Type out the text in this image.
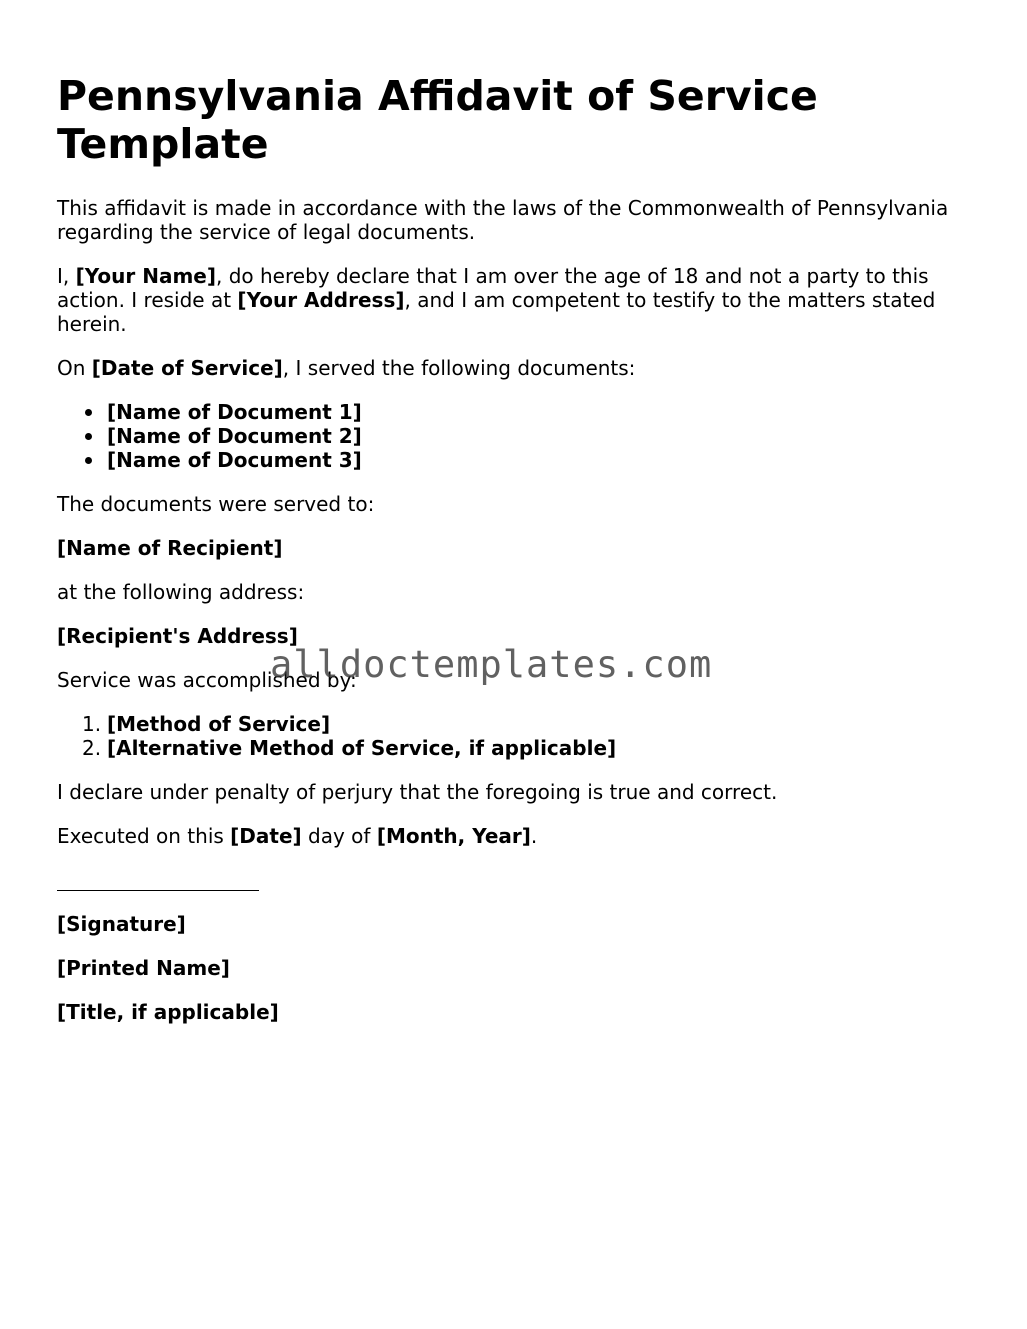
Pennsylvania Affidavit of Service Template

This affidavit is made in accordance with the laws of the Commonwealth of Pennsylvania regarding the service of legal documents.

I, [Your Name], do hereby declare that I am over the age of 18 and not a party to this action. I reside at [Your Address], and I am competent to testify to the matters stated herein.

On [Date of Service], I served the following documents:

[Name of Document 1]
[Name of Document 2]
[Name of Document 3]

The documents were served to:

[Name of Recipient]

at the following address:

[Recipient's Address]

Service was accomplished by:

1. [Method of Service]
2. [Alternative Method of Service, if applicable]

I declare under penalty of perjury that the foregoing is true and correct.

Executed on this [Date] day of [Month, Year].

[Signature]

[Printed Name]

[Title, if applicable]

alldoctemplates.com
